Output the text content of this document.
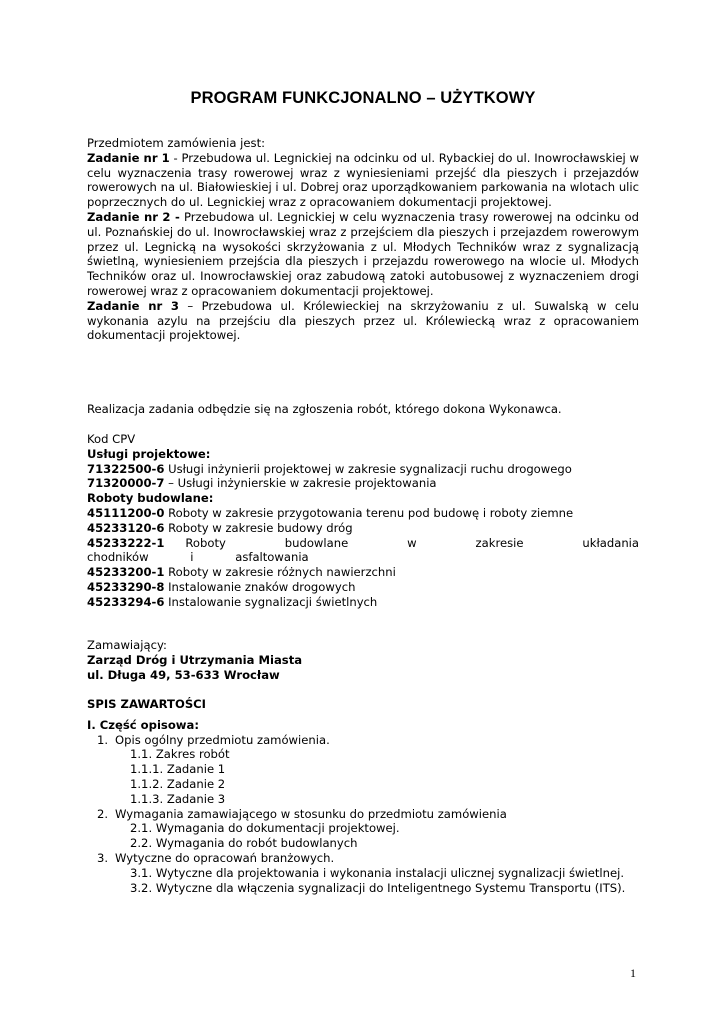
PROGRAM FUNKCJONALNO – UŻYTKOWY
Przedmiotem zamówienia jest:
Zadanie nr 1 - Przebudowa ul. Legnickiej na odcinku od ul. Rybackiej do ul. Inowrocławskiej w celu wyznaczenia trasy rowerowej wraz z wyniesieniami przejść dla pieszych i przejazdów rowerowych na ul. Białowieskiej i ul. Dobrej oraz uporządkowaniem parkowania na wlotach ulic poprzecznych do ul. Legnickiej wraz z opracowaniem dokumentacji projektowej.
Zadanie nr 2 - Przebudowa ul. Legnickiej w celu wyznaczenia trasy rowerowej na odcinku od ul. Poznańskiej do ul. Inowrocławskiej wraz z przejściem dla pieszych i przejazdem rowerowym przez ul. Legnicką na wysokości skrzyżowania z ul. Młodych Techników wraz z sygnalizacją świetlną, wyniesieniem przejścia dla pieszych i przejazdu rowerowego na wlocie ul. Młodych Techników oraz ul. Inowrocławskiej oraz zabudową zatoki autobusowej z wyznaczeniem drogi rowerowej wraz z opracowaniem dokumentacji projektowej.
Zadanie nr 3 – Przebudowa ul. Królewieckiej na skrzyżowaniu z ul. Suwalską w celu wykonania azylu na przejściu dla pieszych przez ul. Królewiecką wraz z opracowaniem dokumentacji projektowej.
Realizacja zadania odbędzie się na zgłoszenia robót, którego dokona Wykonawca.
Kod CPV
Usługi projektowe:
71322500-6 Usługi inżynierii projektowej w zakresie sygnalizacji ruchu drogowego
71320000-7 – Usługi inżynierskie w zakresie projektowania
Roboty budowlane:
45111200-0 Roboty w zakresie przygotowania terenu pod budowę i roboty ziemne
45233120-6 Roboty w zakresie budowy dróg
45233222-1 Roboty budowlane w zakresie układania chodników i asfaltowania
45233200-1 Roboty w zakresie różnych nawierzchni
45233290-8 Instalowanie znaków drogowych
45233294-6 Instalowanie sygnalizacji świetlnych
Zamawiający:
Zarząd Dróg i Utrzymania Miasta
ul. Długa 49, 53-633 Wrocław
SPIS ZAWARTOŚCI
I. Część opisowa:
1. Opis ogólny przedmiotu zamówienia.
1.1. Zakres robót
1.1.1. Zadanie 1
1.1.2. Zadanie 2
1.1.3. Zadanie 3
2. Wymagania zamawiającego w stosunku do przedmiotu zamówienia
2.1. Wymagania do dokumentacji projektowej.
2.2. Wymagania do robót budowlanych
3. Wytyczne do opracowań branżowych.
3.1. Wytyczne dla projektowania i wykonania instalacji ulicznej sygnalizacji świetlnej.
3.2. Wytyczne dla włączenia sygnalizacji do Inteligentnego Systemu Transportu (ITS).
1
